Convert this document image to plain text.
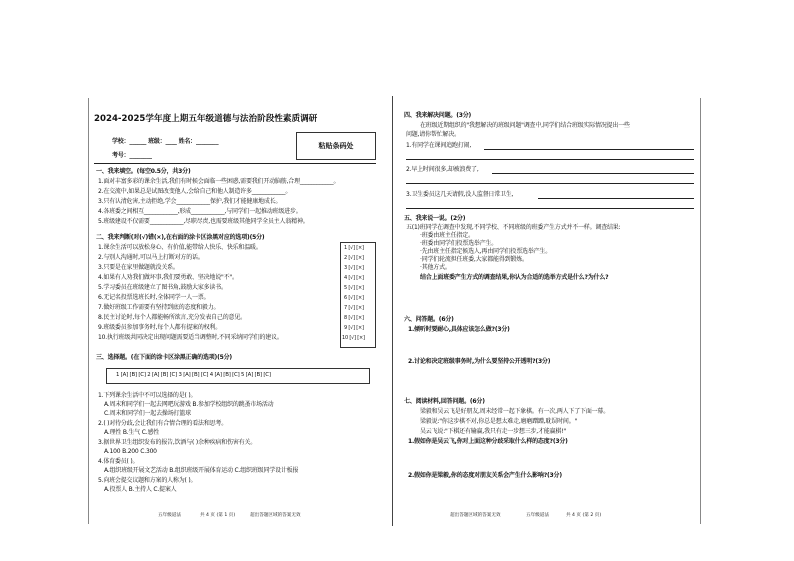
2024-2025学年度上期五年级道德与法治阶段性素质调研
学校：______ 班级：____ 姓名：________
考号：________
粘贴条码处
一、我来填空。(每空0.5分，共3分)
1.面对丰富多彩的课余生活,我们有时候会面临一些困惑,需要我们开动脑筋,合理____________。
2.在交流中,如果总是试图改变他人,会给自己和他人制造许多____________。
3.只有认清危害,主动拒绝,学会____________保护,我们才能健康地成长。
4.各班委之间相互____________,形成____________,与同学们一起推动班级进步。
5.班级建设不仅需要____________,尽职尽责,也需要班级其他同学全员主人翁精神。
二、我来判断(对(√)错(×),在右面的涂卡区涂黑对应的选项)(5分)
1.课余生活可以放松身心、有价值,能带给人快乐、快乐和温暖。
2.与别人沟通时,可以马上打断对方的话。
3.只要是在家里做题就没关系。
4.如果有人劝我们做坏事,我们要勇敢、坚决地说"不"。
5.学习委员在班级建立了图书角,鼓励大家多读书。
6.无记名投票选班长时,全体同学一人一票。
7.做好班级工作需要有坚持到底的态度和毅力。
8.民主讨论时,每个人都能畅所欲言,充分发表自己的意见。
9.班级委员参加事务时,每个人都有提案的权利。
10.执行班级共同决定出现问题需要适当调整时,不同采纳同学们的建议。
1 [√] [×]
2 [√] [×]
3 [√] [×]
4 [√] [×]
5 [√] [×]
6 [√] [×]
7 [√] [×]
8 [√] [×]
9 [√] [×]
10 [√] [×]
三、选择题。(在下面的涂卡区涂黑正确的选项)(5分)
1 [A] [B] [C] 2 [A] [B] [C] 3 [A] [B] [C] 4 [A] [B] [C] 5 [A] [B] [C]
1.下列课余生活中不可以选择的是( )。
A.周末和同学们一起去网吧玩游戏 B.参加学校组织的跳蚤市场活动
C.周末和同学们一起去操场打篮球
2.( )对待分歧,会让我们有合情合理的看法和思考。
A.理性 B.生气 C.感性
3.据世界卫生组织发布的报告,饮酒与( )余种疾病和伤害有关。
A.100 B.200 C.300
4.体育委员( )。
A.组织班级开展文艺活动 B.组织班级开展体育运动 C.组织班级同学设计板报
5.向班会提交议题和方案的人称为( )。
A.投票人 B.主持人 C.提案人
五年级道法	共 4 页 (第 1 页)	超出答题区域的答案无效
四、我来解决问题。(3分)
在班级近期组织的"我想解决的班级问题"调查中,同学们结合班级实际情况提出一些
问题,请你帮忙解决。
1.有同学在课间追跑打闹,
2.早上时间很多,却被浪费了,
3.卫生委员这几天请假,没人监督日常卫生,
五、我来说一说。(2分)
五(1)班同学在调查中发现,不同学校、不同班级的班委产生方式并不一样。调查结果:
·班委由班主任指定。
·班委由同学们投票选举产生。
·先由班主任指定候选人,再由同学们投票选举产生。
·同学们轮流担任班委,大家都能得到锻炼。
·其他方式。
结合上面班委产生方式的调查结果,你认为合适的选举方式是什么?为什么?
六、问答题。(6分)
1.倾听时要耐心,具体应该怎么做?(3分)
2.讨论和决定班级事务时,为什么要坚持公开透明?(3分)
七、阅读材料,回答问题。(6分)
梁毅和吴云飞是好朋友,周末经常一起下象棋。有一次,两人下了下面一幕。
梁毅说:"你这步棋不对,你总是想太难走,磨磨蹭蹭,耽误时间。"
吴云飞说:"下棋还有输赢,我只有走一步想三步,才能赢棋!"
1.假如你是吴云飞,你对上面这种分歧采取什么样的态度?(3分)
2.假如你是梁毅,你的态度对朋友关系会产生什么影响?(3分)
超出答题区域的答案无效	五年级道法	共 4 页 (第 2 页)
